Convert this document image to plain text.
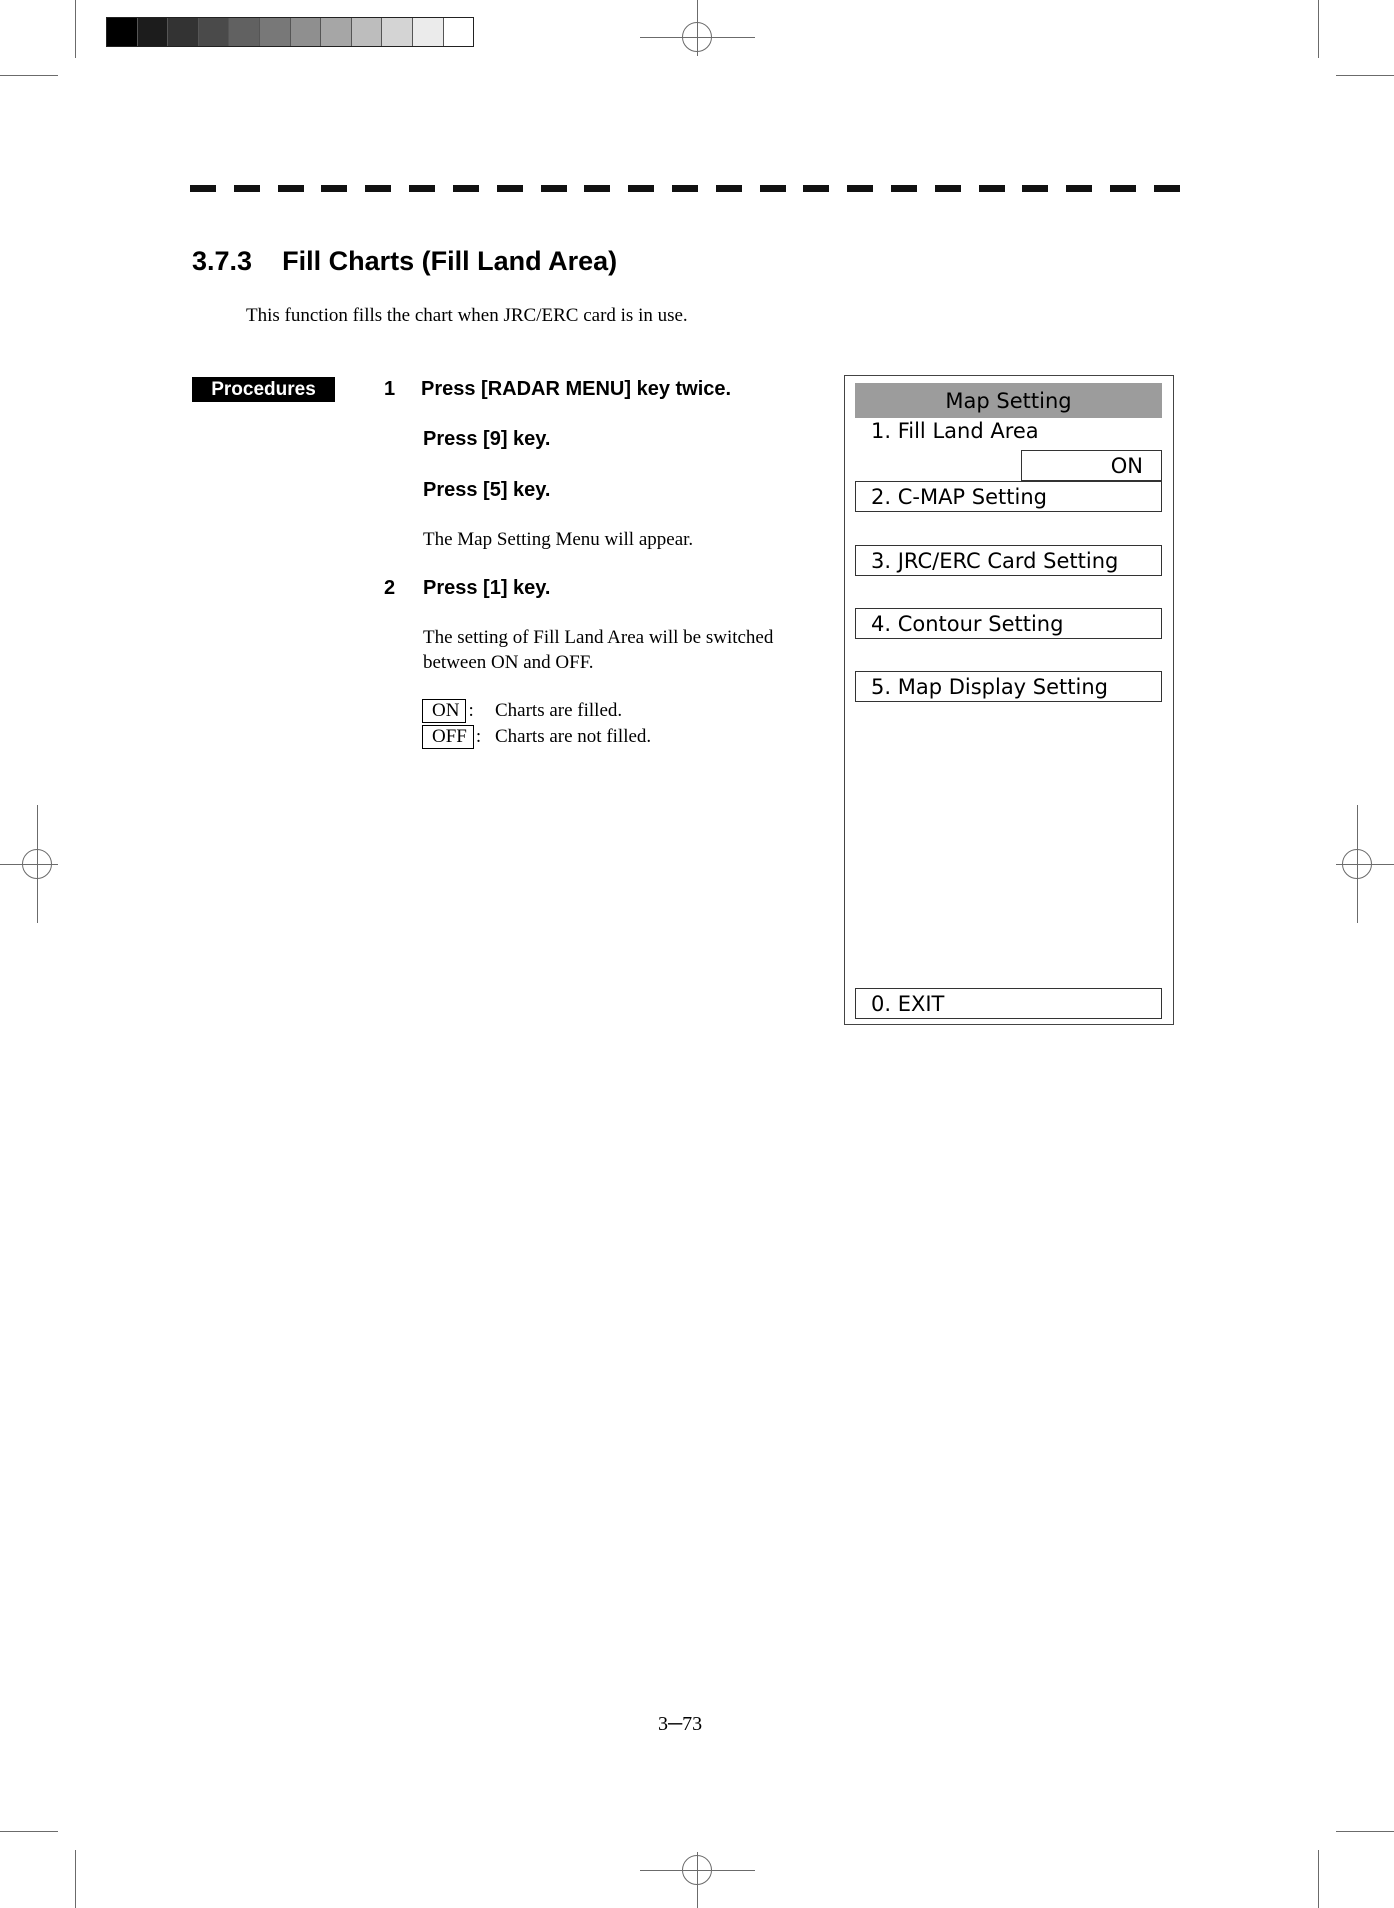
3.7.3 Fill Charts (Fill Land Area)
This function fills the chart when JRC/ERC card is in use.
Procedures	1 Press [RADAR MENU] key twice.
Press [9] key.
Press [5] key.
The Map Setting Menu will appear.
2 Press [1] key.
The setting of Fill Land Area will be switched
between ON and OFF.
ON : Charts are filled.
OFF : Charts are not filled.
Map Setting
1. Fill Land Area
ON
2. C-MAP Setting
3. JRC/ERC Card Setting
4. Contour Setting
5. Map Display Setting
0. EXIT
3─73
